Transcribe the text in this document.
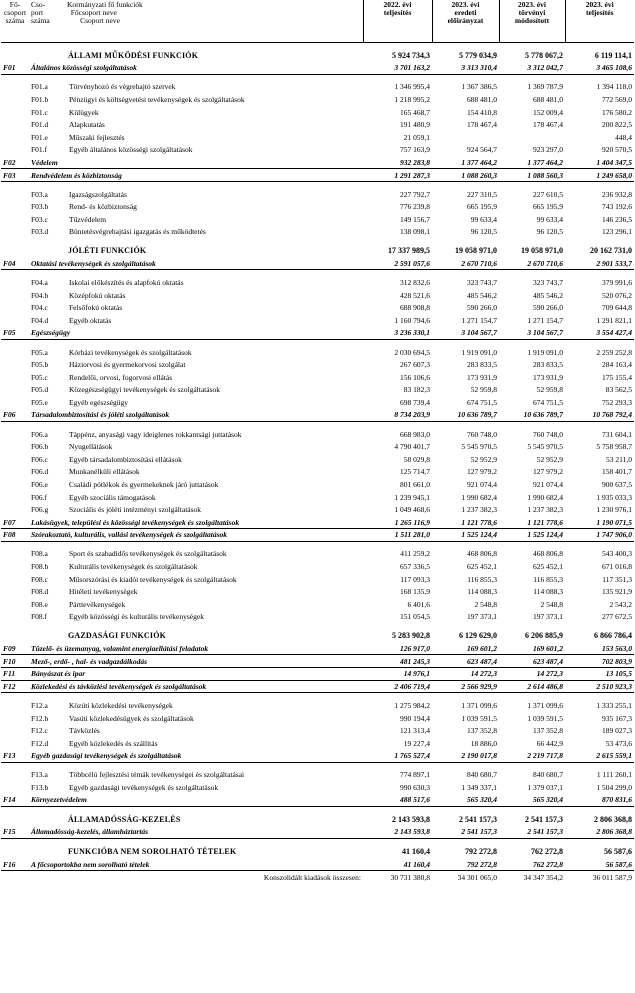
Fő-
csoport
száma	Cso-
port
száma	Kormányzati fő funkciók
Főcsoport neve
Csoport neve	2022. évi
teljesítés	2023. évi
eredeti
előirányzat	2023. évi
törvényi
módosított	2023. évi
teljesítés

		ÁLLAMI MŰKÖDÉSI FUNKCIÓK	5 924 734,3	5 779 034,9	5 778 067,2	6 119 114,1
F01	Általános közösségi szolgáltatások		3 701 163,2	3 313 310,4	3 312 042,7	3 465 108,6

	F01.a	Törvényhozó és végrehajtó szervek	1 346 995,4	1 367 386,5	1 369 787,9	1 394 118,0
	F01.b	Pénzügyi és költségvetési tevékenységek és szolgáltatások	1 218 995,2	688 481,0	688 481,0	772 569,0
	F01.c	Külügyek	165 468,7	154 410,8	152 009,4	176 580,2
	F01.d	Alapkutatás	191 480,9	178 467,4	178 467,4	200 822,5
	F01.e	Műszaki fejlesztés	21 059,1			448,4
	F01.f	Egyéb általános közösségi szolgáltatások	757 163,9	924 564,7	923 297,0	920 570,5
F02	Védelem		932 283,8	1 377 464,2	1 377 464,2	1 404 347,5
F03	Rendvédelem és közbiztonság		1 291 287,3	1 088 260,3	1 088 560,3	1 249 658,0

	F03.a	Igazságszolgáltatás	227 792,7	227 310,5	227 610,5	236 932,8
	F03.b	Rend- és közbiztonság	776 239,8	665 195,9	665 195,9	743 192,6
	F03.c	Tűzvédelem	149 156,7	99 633,4	99 633,4	146 236,5
	F03.d	Büntetésvégrehajtási igazgatás és működtetés	138 098,1	96 120,5	96 120,5	123 296,1

		JÓLÉTI FUNKCIÓK	17 337 989,5	19 058 971,0	19 058 971,0	20 162 731,0
F04	Oktatási tevékenységek és szolgáltatások		2 591 057,6	2 670 710,6	2 670 710,6	2 901 533,7

	F04.a	Iskolai előkészítés és alapfokú oktatás	312 832,6	323 743,7	323 743,7	379 991,6
	F04.b	Középfokú oktatás	428 521,6	485 546,2	485 546,2	520 076,2
	F04.c	Felsőfokú oktatás	688 908,8	590 266,0	590 266,0	709 644,8
	F04.d	Egyéb oktatás	1 160 794,6	1 271 154,7	1 271 154,7	1 291 821,1
F05	Egészségügy		3 236 330,1	3 104 567,7	3 104 567,7	3 554 427,4

	F05.a	Kórházi tevékenységek és szolgáltatások	2 030 694,5	1 919 091,0	1 919 091,0	2 259 252,8
	F05.b	Háziorvosi és gyermekorvosi szolgálat	267 607,3	283 833,5	283 833,5	284 163,4
	F05.c	Rendelői, orvosi, fogorvosi ellátás	156 106,6	173 931,9	173 931,9	175 155,4
	F05.d	Közegészségügyi tevékenységek és szolgáltatások	83 182,3	52 959,8	52 959,8	83 562,5
	F05.e	Egyéb egészségügy	698 739,4	674 751,5	674 751,5	752 293,3
F06	Társadalombiztosítási és jóléti szolgáltatások		8 734 203,9	10 636 789,7	10 636 789,7	10 768 792,4

	F06.a	Táppénz, anyasági vagy ideiglenes rokkantsági juttatások	668 983,0	760 748,0	760 748,0	731 604,1
	F06.b	Nyugellátások	4 790 401,7	5 545 970,5	5 545 970,5	5 758 958,7
	F06.c	Egyéb társadalombiztosítási ellátások	58 029,8	52 952,9	52 952,9	53 211,0
	F06.d	Munkanélküli ellátások	125 714,7	127 979,2	127 979,2	158 401,7
	F06.e	Családi pótlékok és gyermekeknek járó juttatások	801 661,0	921 074,4	921 074,4	900 637,5
	F06.f	Egyéb szociális támogatások	1 239 945,1	1 990 682,4	1 990 682,4	1 935 033,3
	F06.g	Szociális és jóléti intézményi szolgáltatások	1 049 468,6	1 237 382,3	1 237 382,3	1 230 976,1
F07	Lakásügyek, települési és közösségi tevékenységek és szolgáltatások		1 265 116,9	1 121 778,6	1 121 778,6	1 190 071,5
F08	Szórakoztató, kulturális, vallási tevékenységek és szolgáltatások		1 511 281,0	1 525 124,4	1 525 124,4	1 747 906,0

	F08.a	Sport és szabadidős tevékenységek és szolgáltatások	411 259,2	468 806,8	468 806,8	543 400,3
	F08.b	Kulturális tevékenységek és szolgáltatások	657 336,5	625 452,1	625 452,1	671 016,8
	F08.c	Műsorszórási és kiadói tevékenységek és szolgáltatások	117 093,3	116 855,3	116 855,3	117 351,3
	F08.d	Hitéleti tevékenységek	168 135,9	114 088,3	114 088,3	135 921,9
	F08.e	Párttevékenységek	6 401,6	2 548,8	2 548,8	2 543,2
	F08.f	Egyéb közösségi és kulturális tevékenységek	151 054,5	197 373,1	197 373,1	277 672,5

		GAZDASÁGI FUNKCIÓK	5 283 902,8	6 129 629,0	6 206 885,9	6 866 786,4
F09	Tüzelő- és üzemanyag, valamint energiaellátási feladatok		126 917,0	169 601,2	169 601,2	153 563,0
F10	Mező-, erdő- , hal- és vadgazdálkodás		481 245,3	623 487,4	623 487,4	702 803,9
F11	Bányászat és ipar		14 976,1	14 272,3	14 272,3	13 105,5
F12	Közlekedési és távközlési tevékenységek és szolgáltatások		2 406 719,4	2 566 929,9	2 614 486,8	2 510 923,3

	F12.a	Közúti közlekedési tevékenységek	1 275 984,2	1 371 099,6	1 371 099,6	1 333 255,1
	F12.b	Vasúti közlekedésügyek és szolgáltatások	990 194,4	1 039 591,5	1 039 591,5	935 167,3
	F12.c	Távközlés	121 313,4	137 352,8	137 352,8	189 027,3
	F12.d	Egyéb közlekedés és szállítás	19 227,4	18 886,0	66 442,9	53 473,6
F13	Egyéb gazdasági tevékenységek és szolgáltatások		1 765 527,4	2 190 017,8	2 219 717,8	2 615 559,1

	F13.a	Többcélú fejlesztési témák tevékenységei és szolgáltatásai	774 897,1	840 680,7	840 680,7	1 111 260,1
	F13.b	Egyéb gazdasági tevékenységek és szolgáltatások	990 630,3	1 349 337,1	1 379 037,1	1 504 299,0
F14	Környezetvédelem		488 517,6	565 320,4	565 320,4	870 831,6

		ÁLLAMADÓSSÁG-KEZELÉS	2 143 593,8	2 541 157,3	2 541 157,3	2 806 368,8
F15	Államadósság-kezelés, államháztartás		2 143 593,8	2 541 157,3	2 541 157,3	2 806 368,8

		FUNKCIÓBA NEM SOROLHATÓ TÉTELEK	41 160,4	792 272,8	762 272,8	56 587,6
F16	A főcsoportokba nem sorolható tételek		41 160,4	792 272,8	762 272,8	56 587,6
Konszolidált kiadások összesen:			30 731 380,8	34 301 065,0	34 347 354,2	36 011 587,9
